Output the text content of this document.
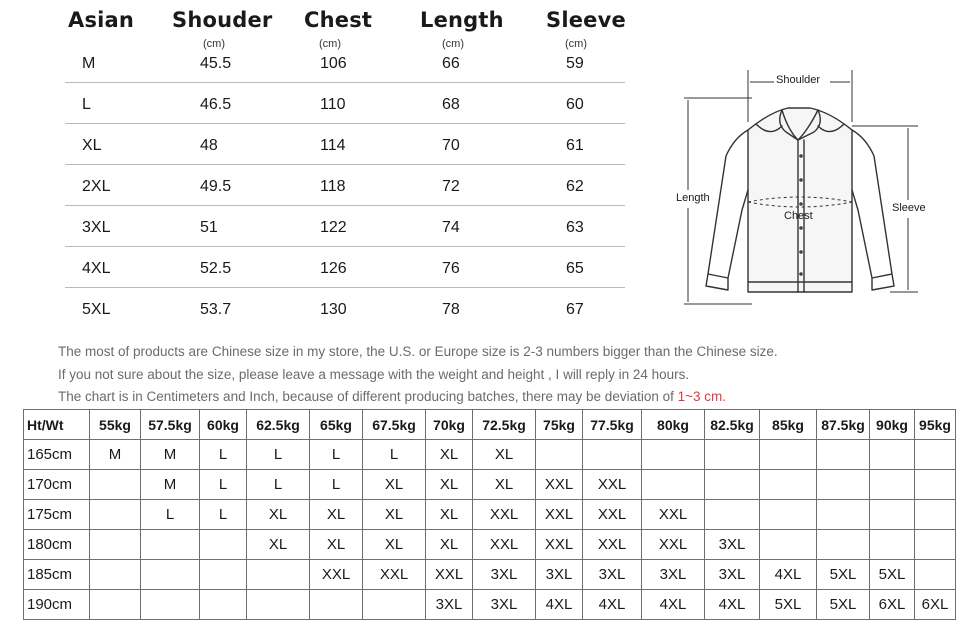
Asian Shouder Chest Length Sleeve
(cm)	(cm)	(cm)	(cm)
M	45.5	106	66	59
L	46.5	110	68	60
XL	48	114	70	61
2XL	49.5	118	72	62
3XL	51	122	74	63
4XL	52.5	126	76	65
5XL	53.7	130	78	67
Shoulder
Chest
Length
Sleeve
The most of products are Chinese size in my store, the U.S. or Europe size is 2-3 numbers bigger than the Chinese size.
If you not sure about the size, please leave a message with the weight and height , I will reply in 24 hours.
The chart is in Centimeters and Inch, because of different producing batches, there may be deviation of 1~3 cm.
Ht/Wt	55kg	57.5kg	60kg	62.5kg	65kg	67.5kg	70kg	72.5kg	75kg	77.5kg	80kg	82.5kg	85kg	87.5kg	90kg	95kg
165cm	M	M	L	L	L	L	XL	XL								
170cm		M	L	L	L	XL	XL	XL	XXL	XXL						
175cm		L	L	XL	XL	XL	XL	XXL	XXL	XXL	XXL					
180cm				XL	XL	XL	XL	XXL	XXL	XXL	XXL	3XL				
185cm					XXL	XXL	XXL	3XL	3XL	3XL	3XL	3XL	4XL	5XL	5XL	
190cm							3XL	3XL	4XL	4XL	4XL	4XL	5XL	5XL	6XL	6XL
